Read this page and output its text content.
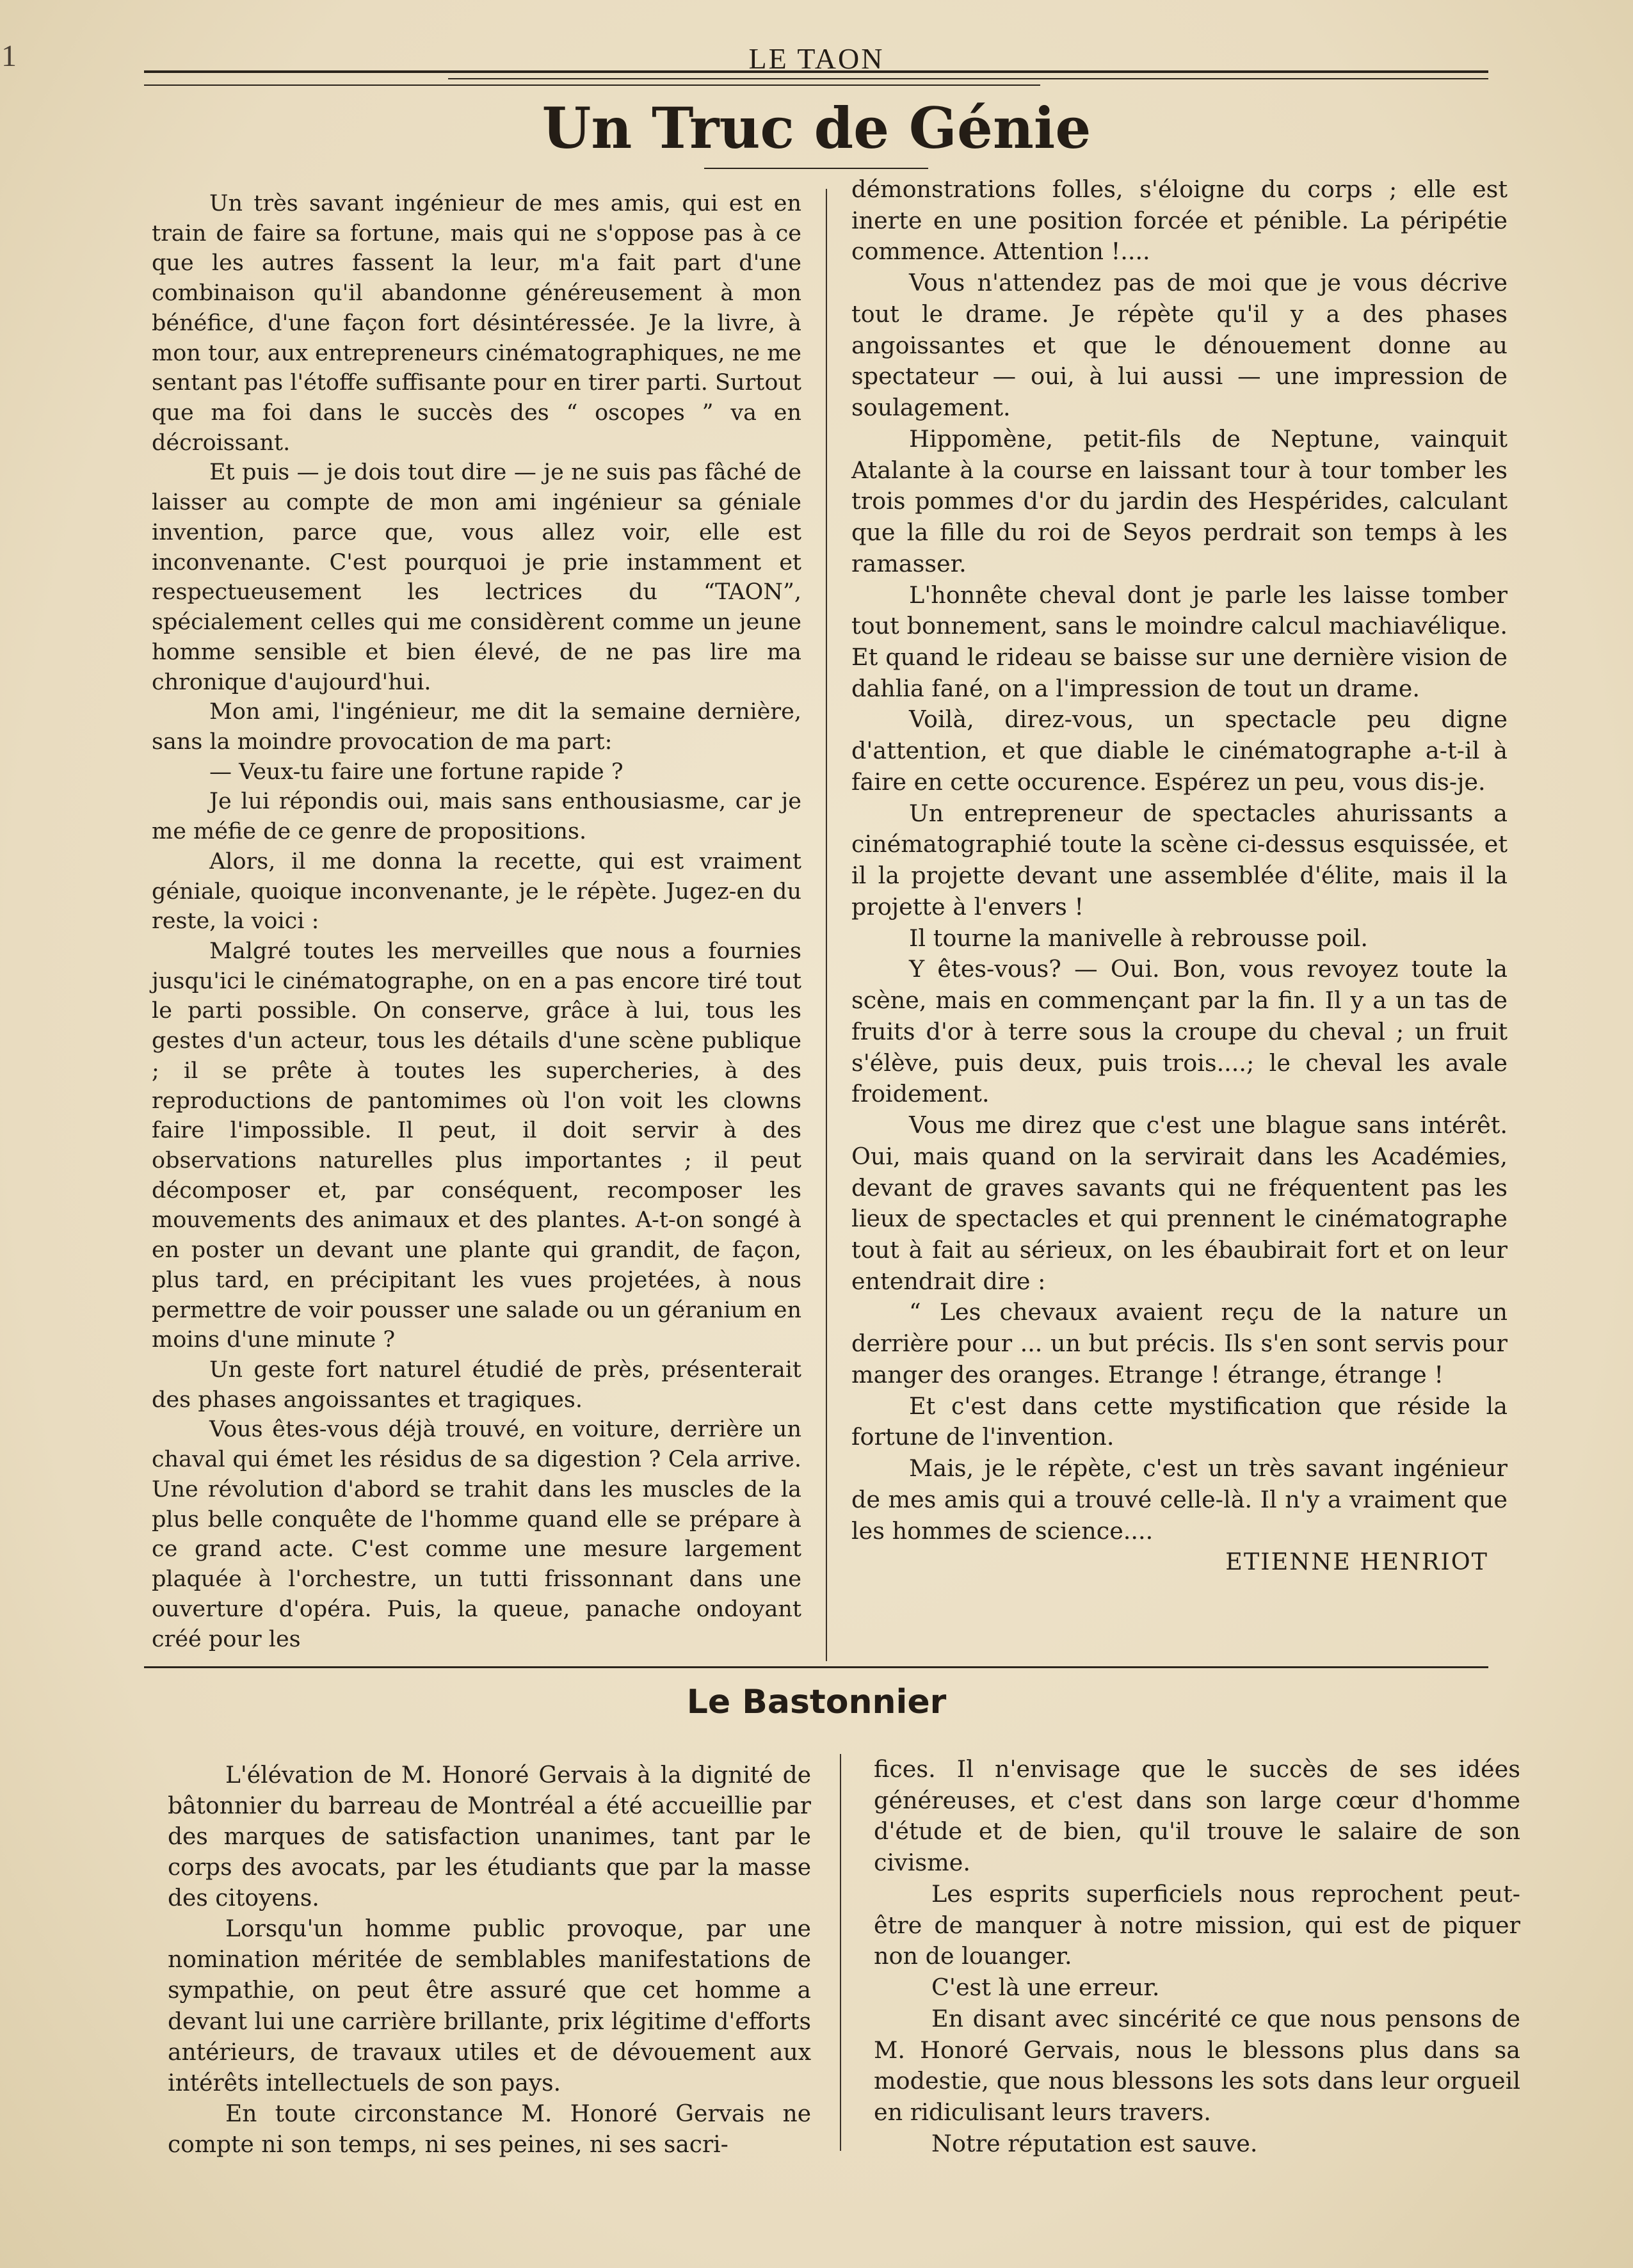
1	LE TAON
Un Truc de Génie

Un très savant ingénieur de mes amis, qui est en train de faire sa fortune, mais qui ne s'oppose pas à ce que les autres fassent la leur, m'a fait part d'une combinaison qu'il abandonne généreusement à mon bénéfice, d'une façon fort désintéressée. Je la livre, à mon tour, aux entrepreneurs cinématographiques, ne me sentant pas l'étoffe suffisante pour en tirer parti. Surtout que ma foi dans le succès des “ oscopes ” va en décroissant.

Et puis — je dois tout dire — je ne suis pas fâché de laisser au compte de mon ami ingénieur sa géniale invention, parce que, vous allez voir, elle est inconvenante. C'est pourquoi je prie instamment et respectueusement les lectrices du “TAON”, spécialement celles qui me considèrent comme un jeune homme sensible et bien élevé, de ne pas lire ma chronique d'aujourd'hui.

Mon ami, l'ingénieur, me dit la semaine dernière, sans la moindre provocation de ma part:

— Veux-tu faire une fortune rapide ?

Je lui répondis oui, mais sans enthousiasme, car je me méfie de ce genre de propositions.

Alors, il me donna la recette, qui est vraiment géniale, quoique inconvenante, je le répète. Jugez-en du reste, la voici :

Malgré toutes les merveilles que nous a fournies jusqu'ici le cinématographe, on en a pas encore tiré tout le parti possible. On conserve, grâce à lui, tous les gestes d'un acteur, tous les détails d'une scène publique ; il se prête à toutes les supercheries, à des reproductions de pantomimes où l'on voit les clowns faire l'impossible. Il peut, il doit servir à des observations naturelles plus importantes ; il peut décomposer et, par conséquent, recomposer les mouvements des animaux et des plantes. A-t-on songé à en poster un devant une plante qui grandit, de façon, plus tard, en précipitant les vues projetées, à nous permettre de voir pousser une salade ou un géranium en moins d'une minute ?

Un geste fort naturel étudié de près, présenterait des phases angoissantes et tragiques.

Vous êtes-vous déjà trouvé, en voiture, derrière un chaval qui émet les résidus de sa digestion ? Cela arrive. Une révolution d'abord se trahit dans les muscles de la plus belle conquête de l'homme quand elle se prépare à ce grand acte. C'est comme une mesure largement plaquée à l'orchestre, un tutti frissonnant dans une ouverture d'opéra. Puis, la queue, panache ondoyant créé pour les

démonstrations folles, s'éloigne du corps ; elle est inerte en une position forcée et pénible. La péripétie commence. Attention !....

Vous n'attendez pas de moi que je vous décrive tout le drame. Je répète qu'il y a des phases angoissantes et que le dénouement donne au spectateur — oui, à lui aussi — une impression de soulagement.

Hippomène, petit-fils de Neptune, vainquit Atalante à la course en laissant tour à tour tomber les trois pommes d'or du jardin des Hespérides, calculant que la fille du roi de Seyos perdrait son temps à les ramasser.

L'honnête cheval dont je parle les laisse tomber tout bonnement, sans le moindre calcul machiavélique. Et quand le rideau se baisse sur une dernière vision de dahlia fané, on a l'impression de tout un drame.

Voilà, direz-vous, un spectacle peu digne d'attention, et que diable le cinématographe a-t-il à faire en cette occurence. Espérez un peu, vous dis-je.

Un entrepreneur de spectacles ahurissants a cinématographié toute la scène ci-dessus esquissée, et il la projette devant une assemblée d'élite, mais il la projette à l'envers !

Il tourne la manivelle à rebrousse poil.

Y êtes-vous? — Oui. Bon, vous revoyez toute la scène, mais en commençant par la fin. Il y a un tas de fruits d'or à terre sous la croupe du cheval ; un fruit s'élève, puis deux, puis trois....; le cheval les avale froidement.

Vous me direz que c'est une blague sans intérêt. Oui, mais quand on la servirait dans les Académies, devant de graves savants qui ne fréquentent pas les lieux de spectacles et qui prennent le cinématographe tout à fait au sérieux, on les ébaubirait fort et on leur entendrait dire :

“ Les chevaux avaient reçu de la nature un derrière pour ... un but précis. Ils s'en sont servis pour manger des oranges. Etrange ! étrange, étrange !

Et c'est dans cette mystification que réside la fortune de l'invention.

Mais, je le répète, c'est un très savant ingénieur de mes amis qui a trouvé celle-là. Il n'y a vraiment que les hommes de science....

ETIENNE HENRIOT

Le Bastonnier

L'élévation de M. Honoré Gervais à la dignité de bâtonnier du barreau de Montréal a été accueillie par des marques de satisfaction unanimes, tant par le corps des avocats, par les étudiants que par la masse des citoyens.

Lorsqu'un homme public provoque, par une nomination méritée de semblables manifestations de sympathie, on peut être assuré que cet homme a devant lui une carrière brillante, prix légitime d'efforts antérieurs, de travaux utiles et de dévouement aux intérêts intellectuels de son pays.

En toute circonstance M. Honoré Gervais ne compte ni son temps, ni ses peines, ni ses sacri-

fices. Il n'envisage que le succès de ses idées généreuses, et c'est dans son large cœur d'homme d'étude et de bien, qu'il trouve le salaire de son civisme.

Les esprits superficiels nous reprochent peut-être de manquer à notre mission, qui est de piquer non de louanger.

C'est là une erreur.

En disant avec sincérité ce que nous pensons de M. Honoré Gervais, nous le blessons plus dans sa modestie, que nous blessons les sots dans leur orgueil en ridiculisant leurs travers.

Notre réputation est sauve.
